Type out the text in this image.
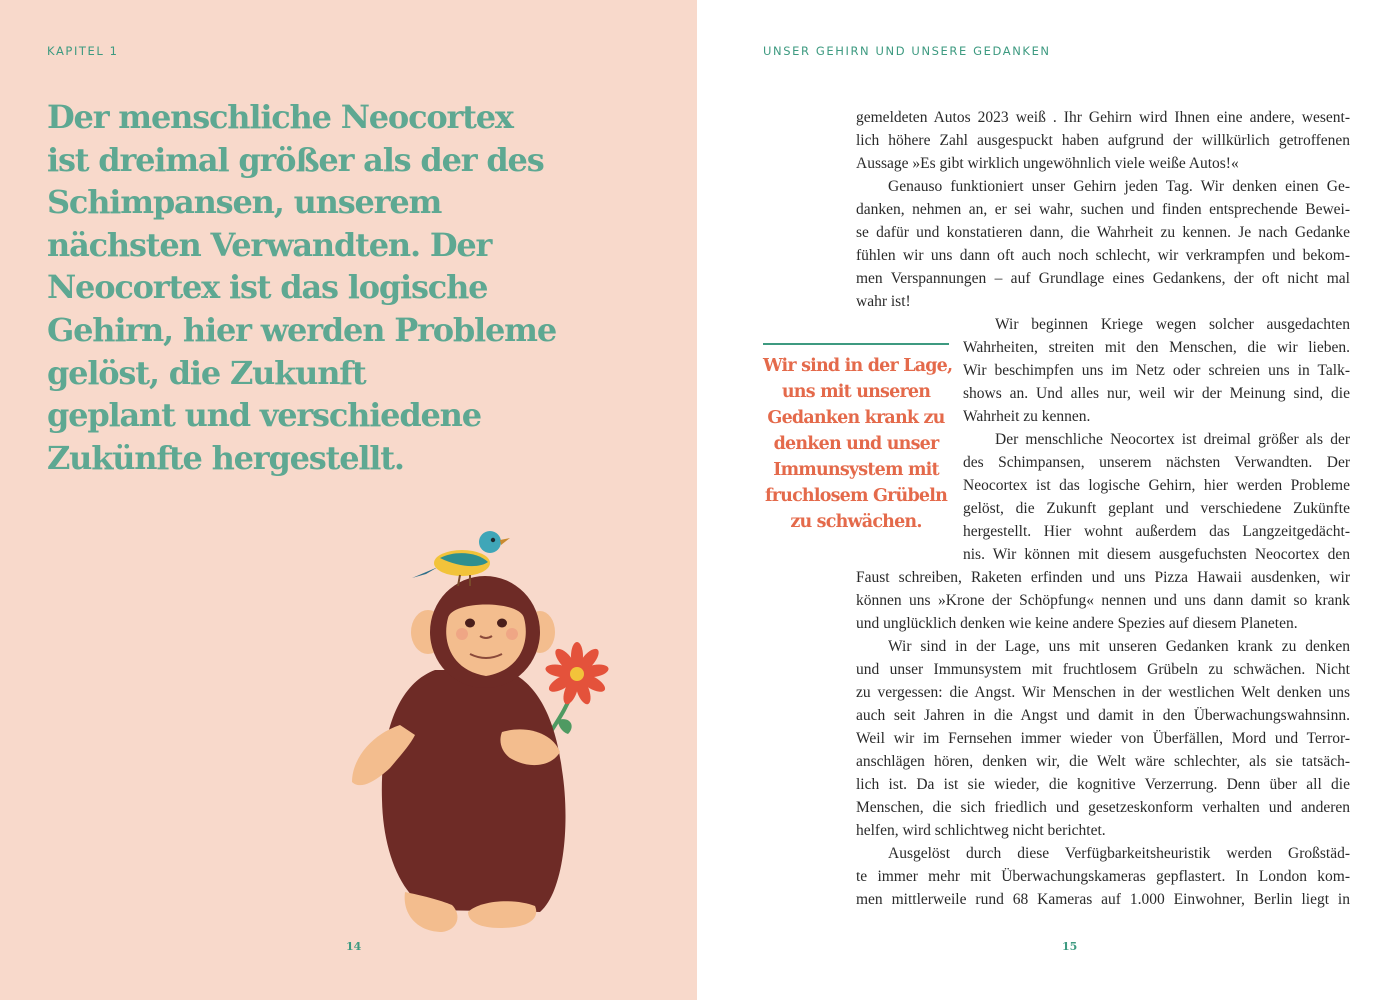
KAPITEL 1
Der menschliche Neocortex
ist dreimal größer als der des
Schimpansen, unserem
nächsten Verwandten. Der
Neocortex ist das logische
Gehirn, hier werden Probleme
gelöst, die Zukunft
geplant und verschiedene
Zukünfte hergestellt.
14
UNSER GEHIRN UND UNSERE GEDANKEN
gemeldeten Autos 2023 weiß . Ihr Gehirn wird Ihnen eine andere, wesent-
lich höhere Zahl ausgespuckt haben aufgrund der willkürlich getroffenen
Aussage »Es gibt wirklich ungewöhnlich viele weiße Autos!«
Genauso funktioniert unser Gehirn jeden Tag. Wir denken einen Ge-
danken, nehmen an, er sei wahr, suchen und finden entsprechende Bewei-
se dafür und konstatieren dann, die Wahrheit zu kennen. Je nach Gedanke
fühlen wir uns dann oft auch noch schlecht, wir verkrampfen und bekom-
men Verspannungen – auf Grundlage eines Gedankens, der oft nicht mal
wahr ist!
Wir beginnen Kriege wegen solcher ausgedachten
Wahrheiten, streiten mit den Menschen, die wir lieben.
Wir beschimpfen uns im Netz oder schreien uns in Talk-
shows an. Und alles nur, weil wir der Meinung sind, die
Wahrheit zu kennen.
Der menschliche Neocortex ist dreimal größer als der
des Schimpansen, unserem nächsten Verwandten. Der
Neocortex ist das logische Gehirn, hier werden Probleme
gelöst, die Zukunft geplant und verschiedene Zukünfte
hergestellt. Hier wohnt außerdem das Langzeitgedächt-
nis. Wir können mit diesem ausgefuchsten Neocortex den
Faust schreiben, Raketen erfinden und uns Pizza Hawaii ausdenken, wir
können uns »Krone der Schöpfung« nennen und uns dann damit so krank
und unglücklich denken wie keine andere Spezies auf diesem Planeten.
Wir sind in der Lage, uns mit unseren Gedanken krank zu denken
und unser Immunsystem mit fruchtlosem Grübeln zu schwächen. Nicht
zu vergessen: die Angst. Wir Menschen in der westlichen Welt denken uns
auch seit Jahren in die Angst und damit in den Überwachungswahnsinn.
Weil wir im Fernsehen immer wieder von Überfällen, Mord und Terror-
anschlägen hören, denken wir, die Welt wäre schlechter, als sie tatsäch-
lich ist. Da ist sie wieder, die kognitive Verzerrung. Denn über all die
Menschen, die sich friedlich und gesetzeskonform verhalten und anderen
helfen, wird schlichtweg nicht berichtet.
Ausgelöst durch diese Verfügbarkeitsheuristik werden Großstäd-
te immer mehr mit Überwachungskameras gepflastert. In London kom-
men mittlerweile rund 68 Kameras auf 1.000 Einwohner, Berlin liegt in
Wir sind in der Lage,
uns mit unseren
Gedanken krank zu
denken und unser
Immunsystem mit
fruchlosem Grübeln
zu schwächen.
15
